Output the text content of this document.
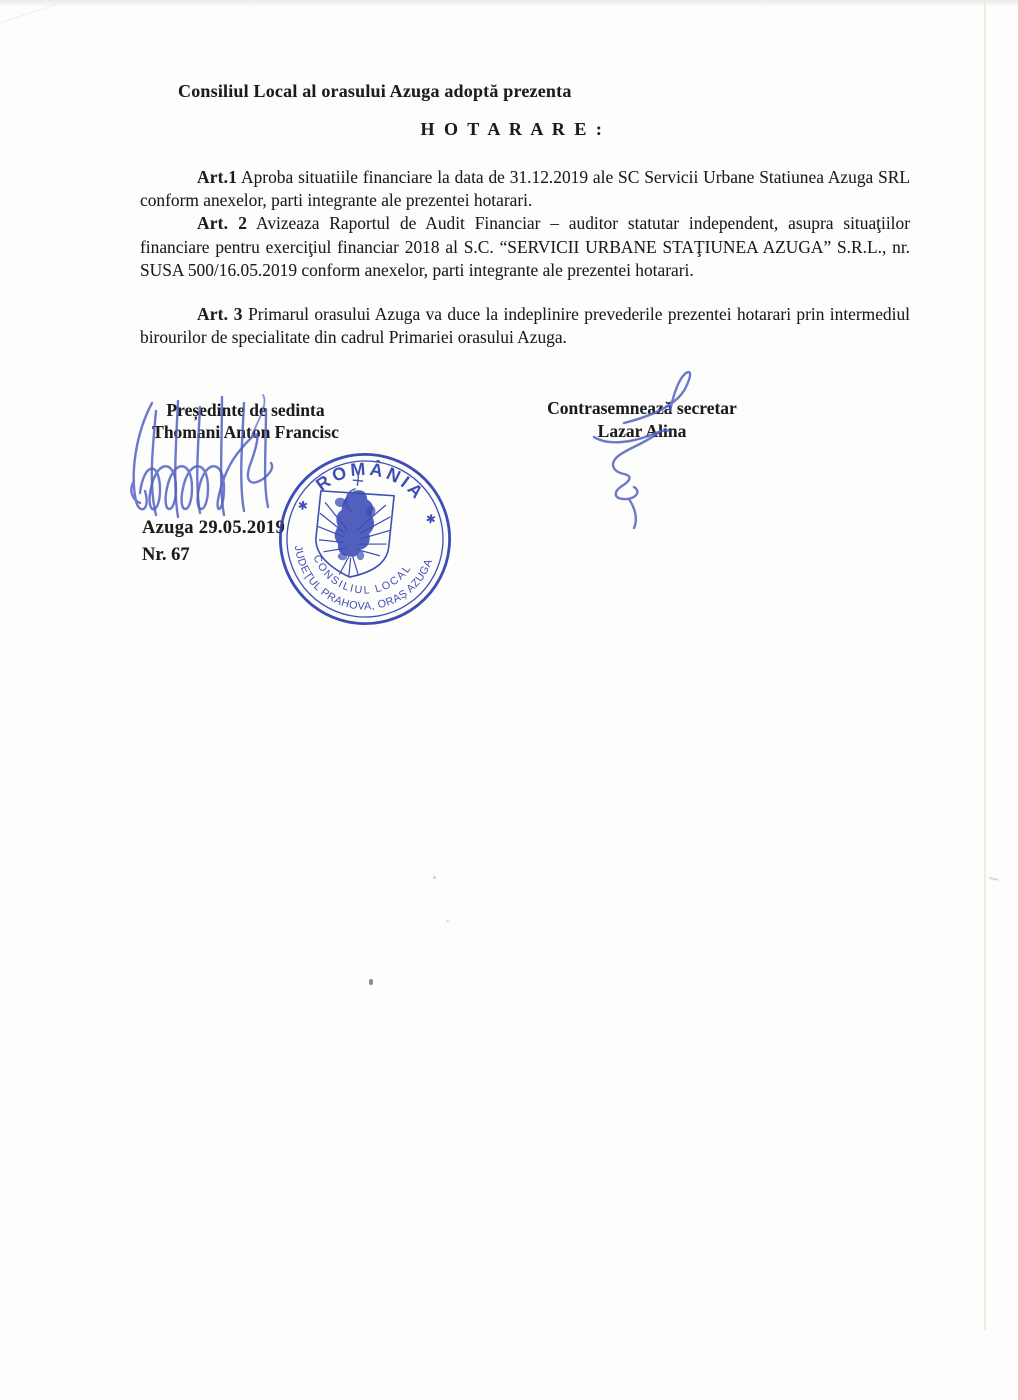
Consiliul Local al orasului Azuga adoptă prezenta
H O T A R A R E :

Art.1 Aproba situatiile financiare la data de 31.12.2019 ale SC Servicii Urbane Statiunea Azuga SRL conform anexelor, parti integrante ale prezentei hotarari.

Art. 2 Avizeaza Raportul de Audit Financiar – auditor statutar independent, asupra situaţiilor financiare pentru exerciţiul financiar 2018 al S.C. “SERVICII URBANE STAŢIUNEA AZUGA” S.R.L., nr. SUSA 500/16.05.2019 conform anexelor, parti integrante ale prezentei hotarari.

Art. 3 Primarul orasului Azuga va duce la indeplinire prevederile prezentei hotarari prin intermediul birourilor de specialitate din cadrul Primariei orasului Azuga.

Președinte de sedinta
Thomani Anton Francisc
Contrasemnează secretar
Lazar Alina
Azuga 29.05.2019
Nr. 67
ROMÂNIA
✱
✱
JUDEŢUL PRAHOVA, ORAŞ AZUGA
CONSILIUL LOCAL
